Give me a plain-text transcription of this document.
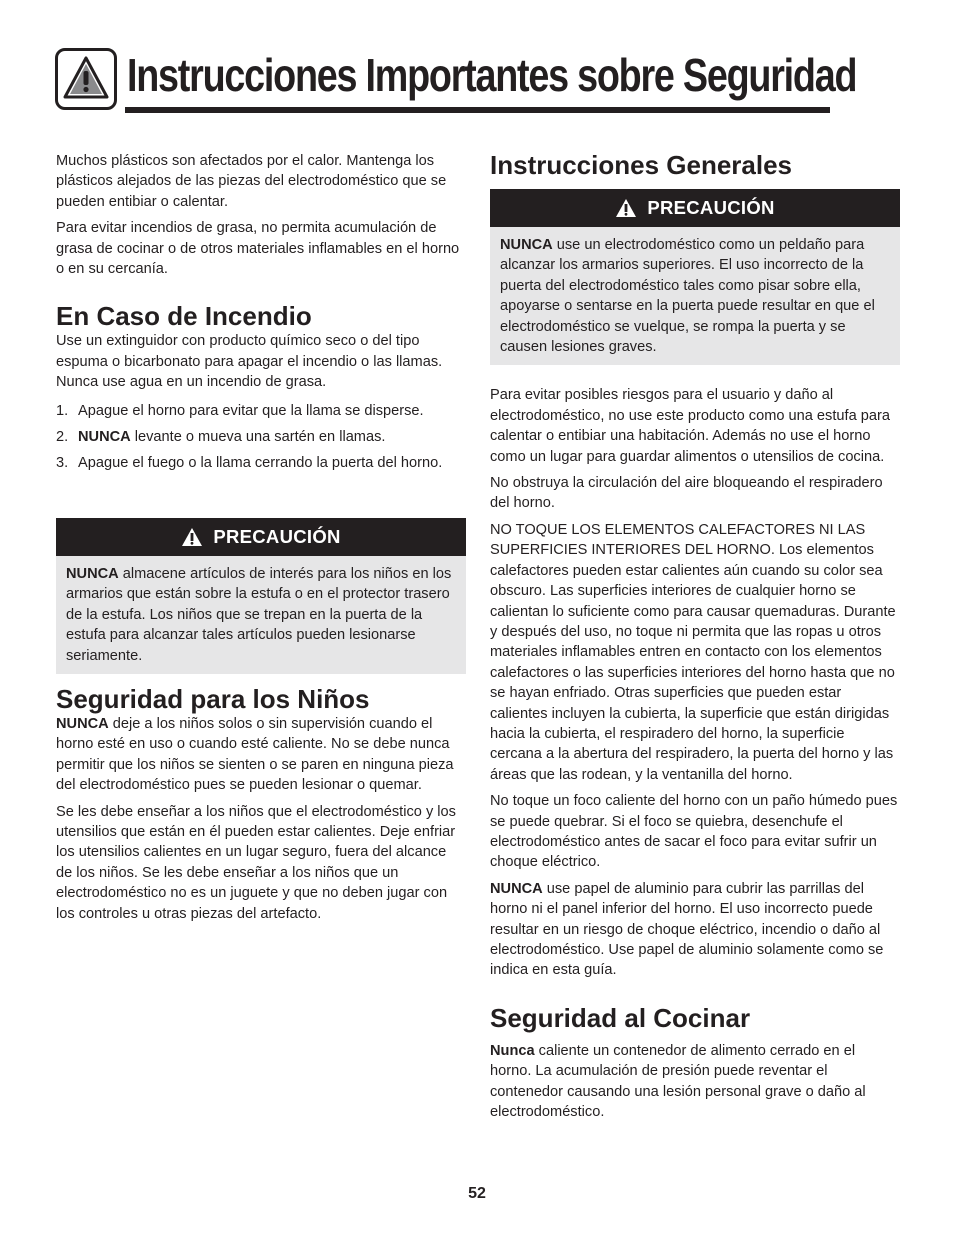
Instrucciones Importantes sobre Seguridad

Muchos plásticos son afectados por el calor. Mantenga los plásticos alejados de las piezas del electrodoméstico que se pueden entibiar o calentar.

Para evitar incendios de grasa, no permita acumulación de grasa de cocinar o de otros materiales inflamables en el horno o en su cercanía.

En Caso de Incendio

Use un extinguidor con producto químico seco o del tipo espuma o bicarbonato para apagar el incendio o las llamas. Nunca use agua en un incendio de grasa.

1. Apague el horno para evitar que la llama se disperse.
2. NUNCA levante o mueva una sartén en llamas.
3. Apague el fuego o la llama cerrando la puerta del horno.
PRECAUCIÓN
NUNCA almacene artículos de interés para los niños en los armarios que están sobre la estufa o en el protector trasero de la estufa. Los niños que se trepan en la puerta de la estufa para alcanzar tales artículos pueden lesionarse seriamente.
Seguridad para los Niños

NUNCA deje a los niños solos o sin supervisión cuando el horno esté en uso o cuando esté caliente. No se debe nunca permitir que los niños se sienten o se paren en ninguna pieza del electrodoméstico pues se pueden lesionar o quemar.

Se les debe enseñar a los niños que el electrodoméstico y los utensilios que están en él pueden estar calientes. Deje enfriar los utensilios calientes en un lugar seguro, fuera del alcance de los niños. Se les debe enseñar a los niños que un electrodoméstico no es un juguete y que no deben jugar con los controles u otras piezas del artefacto.

Instrucciones Generales
PRECAUCIÓN
NUNCA use un electrodoméstico como un peldaño para alcanzar los armarios superiores. El uso incorrecto de la puerta del electrodoméstico tales como pisar sobre ella, apoyarse o sentarse en la puerta puede resultar en que el electrodoméstico se vuelque, se rompa la puerta y se causen lesiones graves.

Para evitar posibles riesgos para el usuario y daño al electrodoméstico, no use este producto como una estufa para calentar o entibiar una habitación. Además no use el horno como un lugar para guardar alimentos o utensilios de cocina.

No obstruya la circulación del aire bloqueando el respiradero del horno.

NO TOQUE LOS ELEMENTOS CALEFACTORES NI LAS SUPERFICIES INTERIORES DEL HORNO. Los elementos calefactores pueden estar calientes aún cuando su color sea obscuro. Las superficies interiores de cualquier horno se calientan lo suficiente como para causar quemaduras. Durante y después del uso, no toque ni permita que las ropas u otros materiales inflamables entren en contacto con los elementos calefactores o las superficies interiores del horno hasta que no se hayan enfriado. Otras superficies que pueden estar calientes incluyen la cubierta, la superficie que están dirigidas hacia la cubierta, el respiradero del horno, la superficie cercana a la abertura del respiradero, la puerta del horno y las áreas que las rodean, y la ventanilla del horno.

No toque un foco caliente del horno con un paño húmedo pues se puede quebrar. Si el foco se quiebra, desenchufe el electrodoméstico antes de sacar el foco para evitar sufrir un choque eléctrico.

NUNCA use papel de aluminio para cubrir las parrillas del horno ni el panel inferior del horno. El uso incorrecto puede resultar en un riesgo de choque eléctrico, incendio o daño al electrodoméstico. Use papel de aluminio solamente como se indica en esta guía.

Seguridad al Cocinar

Nunca caliente un contenedor de alimento cerrado en el horno. La acumulación de presión puede reventar el contenedor causando una lesión personal grave o daño al electrodoméstico.

52
